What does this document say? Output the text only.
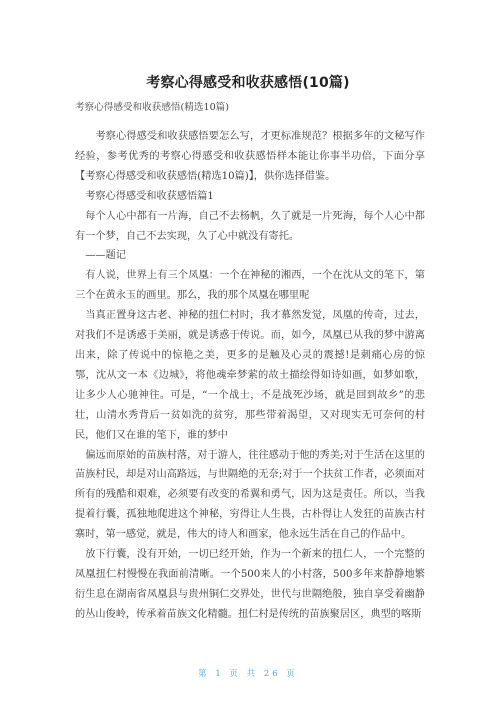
考察心得感受和收获感悟(10篇)
考察心得感受和收获感悟(精选10篇)

考察心得感受和收获感悟要怎么写，才更标准规范？根据多年的文秘写作经验，参考优秀的考察心得感受和收获感悟样本能让你事半功倍，下面分享【考察心得感受和收获感悟(精选10篇)】，供你选择借鉴。

考察心得感受和收获感悟篇1

每个人心中都有一片海，自己不去杨帆，久了就是一片死海，每个人心中都有一个梦，自己不去实现，久了心中就没有寄托。

——题记

有人说，世界上有三个凤凰：一个在神秘的湘西，一个在沈从文的笔下，第三个在黄永玉的画里。那么，我的那个凤凰在哪里呢

当真正置身这古老、神秘的扭仁村时，我才慕然发觉，凤凰的传奇，过去，对我们不是诱惑于美丽，就是诱惑于传说。而，如今，凤凰已从我的梦中游离出来，除了传说中的惊艳之美，更多的是触及心灵的震撼!是刺痛心房的惊鄂，沈从文一本《边城》，将他魂牵梦萦的故土描绘得如诗如画，如梦如歌，让多少人心驰神往。可是，“一个战士，不是战死沙场，就是回到故乡”的悲壮，山清水秀背后一贫如洗的贫穷，那些带着渴望，又对现实无可奈何的村民，他们又在谁的笔下，谁的梦中

偏远而原始的苗族村落，对于游人，往往感动于他的秀美;对于生活在这里的苗族村民，却是对山高路远，与世隔绝的无奈;对于一个扶贫工作者，必须面对所有的残酷和艰难，必须要有改变的希翼和勇气，因为这是责任。所以，当我提着行囊，孤独地爬进这个神秘，穷得让人生畏，古朴得让人发狂的苗族古村寨时，第一感觉，就是，伟大的诗人和画家，他永远生活在自己的作品中。

放下行囊，没有开始，一切已经开始，作为一个新来的扭仁人，一个完整的凤凰扭仁村慢慢在我面前清晰。一个500来人的小村落，500多年来静静地繁衍生息在湖南省凤凰县与贵州铜仁交界处，世代与世隔绝般，独自享受着幽静的丛山俊岭，传承着苗族文化精髓。扭仁村是传统的苗族聚居区，典型的喀斯

第 1 页 共 26 页
